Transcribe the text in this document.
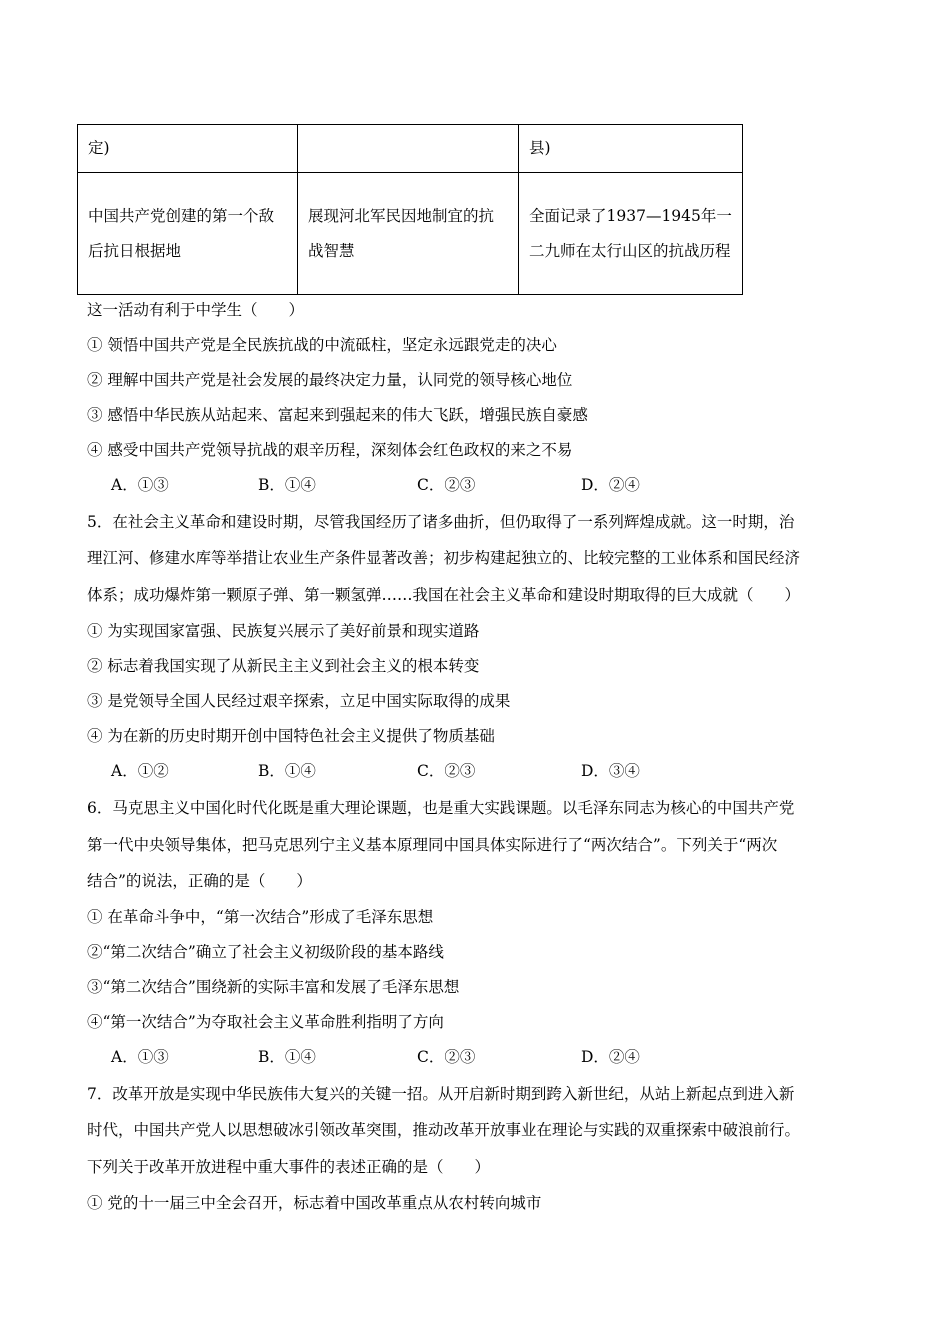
定)		县)
中国共产党创建的第一个敌后抗日根据地	展现河北军民因地制宜的抗战智慧	全面记录了1937—1945年一二九师在太行山区的抗战历程
这一活动有利于中学生（　　）
① 领悟中国共产党是全民族抗战的中流砥柱，坚定永远跟党走的决心
② 理解中国共产党是社会发展的最终决定力量，认同党的领导核心地位
③ 感悟中华民族从站起来、富起来到强起来的伟大飞跃，增强民族自豪感
④ 感受中国共产党领导抗战的艰辛历程，深刻体会红色政权的来之不易
A．①③	B．①④	C．②③	D．②④
5．在社会主义革命和建设时期，尽管我国经历了诸多曲折，但仍取得了一系列辉煌成就。这一时期，治
理江河、修建水库等举措让农业生产条件显著改善；初步构建起独立的、比较完整的工业体系和国民经济
体系；成功爆炸第一颗原子弹、第一颗氢弹……我国在社会主义革命和建设时期取得的巨大成就（　　）
① 为实现国家富强、民族复兴展示了美好前景和现实道路
② 标志着我国实现了从新民主主义到社会主义的根本转变
③ 是党领导全国人民经过艰辛探索，立足中国实际取得的成果
④ 为在新的历史时期开创中国特色社会主义提供了物质基础
A．①②	B．①④	C．②③	D．③④
6．马克思主义中国化时代化既是重大理论课题，也是重大实践课题。以毛泽东同志为核心的中国共产党
第一代中央领导集体，把马克思列宁主义基本原理同中国具体实际进行了“两次结合”。下列关于“两次
结合”的说法，正确的是（　　）
① 在革命斗争中，“第一次结合”形成了毛泽东思想
②“第二次结合”确立了社会主义初级阶段的基本路线
③“第二次结合”围绕新的实际丰富和发展了毛泽东思想
④“第一次结合”为夺取社会主义革命胜利指明了方向
A．①③	B．①④	C．②③	D．②④
7．改革开放是实现中华民族伟大复兴的关键一招。从开启新时期到跨入新世纪，从站上新起点到进入新
时代，中国共产党人以思想破冰引领改革突围，推动改革开放事业在理论与实践的双重探索中破浪前行。
下列关于改革开放进程中重大事件的表述正确的是（　　）
① 党的十一届三中全会召开，标志着中国改革重点从农村转向城市
